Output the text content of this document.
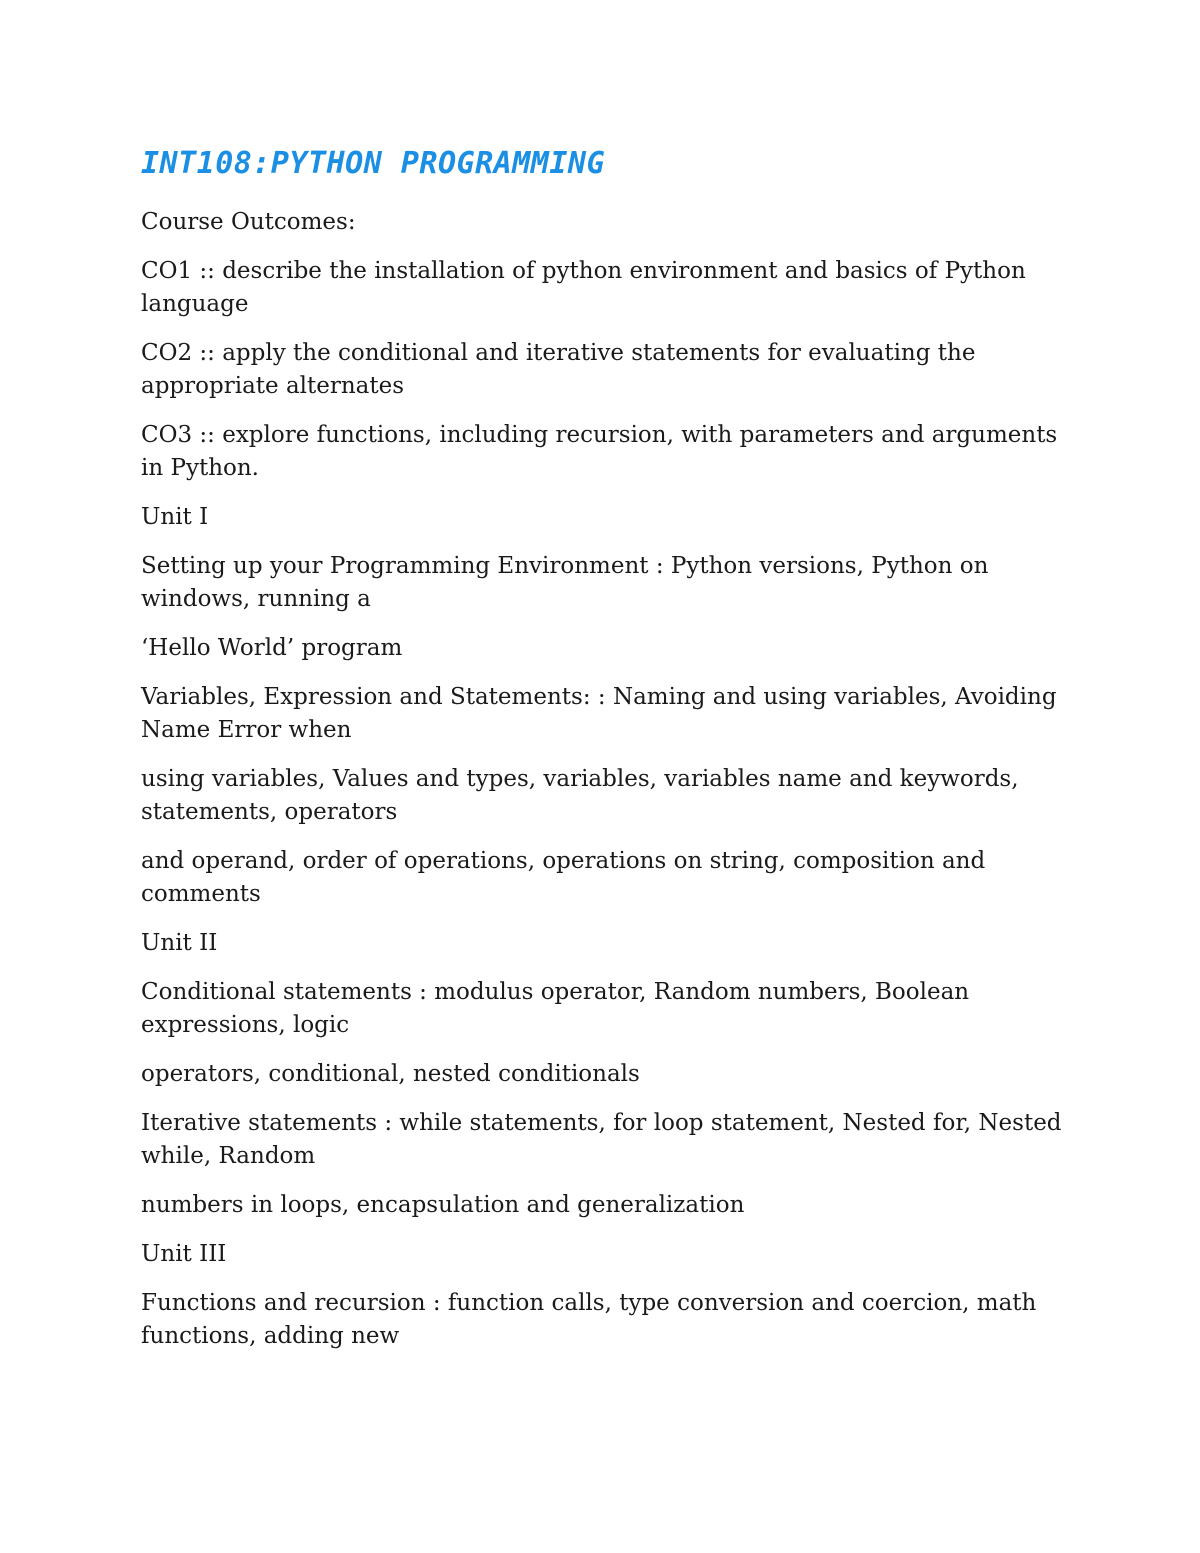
INT108:PYTHON PROGRAMMING

Course Outcomes:

CO1 :: describe the installation of python environment and basics of Python language

CO2 :: apply the conditional and iterative statements for evaluating the appropriate alternates

CO3 :: explore functions, including recursion, with parameters and arguments in Python.

Unit I

Setting up your Programming Environment : Python versions, Python on windows, running a

‘Hello World’ program

Variables, Expression and Statements: : Naming and using variables, Avoiding Name Error when

using variables, Values and types, variables, variables name and keywords, statements, operators

and operand, order of operations, operations on string, composition and comments

Unit II

Conditional statements : modulus operator, Random numbers, Boolean expressions, logic

operators, conditional, nested conditionals

Iterative statements : while statements, for loop statement, Nested for, Nested while, Random

numbers in loops, encapsulation and generalization

Unit III

Functions and recursion : function calls, type conversion and coercion, math functions, adding new
